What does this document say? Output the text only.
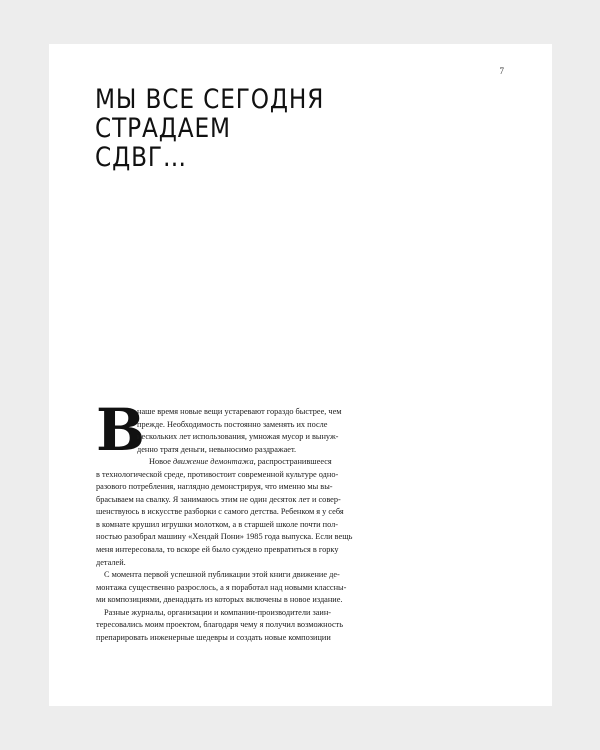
7
МЫ ВСЕ СЕГОДНЯ
СТРАДАЕМ
СДВГ…

В
наше время новые вещи устаревают гораздо быстрее, чем
прежде. Необходимость постоянно заменять их после
нескольких лет использования, умножая мусор и вынуж-
денно тратя деньги, невыносимо раздражает.
Новое движение демонтажа, распространившееся

в технологической среде, противостоит современной культуре одно-
разового потребления, наглядно демонстрируя, что именно мы вы-
брасываем на свалку. Я занимаюсь этим не один десяток лет и совер-
шенствуюсь в искусстве разборки с самого детства. Ребенком я у себя
в комнате крушил игрушки молотком, а в старшей школе почти пол-
ностью разобрал машину «Хендай Пони» 1985 года выпуска. Если вещь
меня интересовала, то вскоре ей было суждено превратиться в горку
деталей.

С момента первой успешной публикации этой книги движение де-
монтажа существенно разрослось, а я поработал над новыми классны-
ми композициями, двенадцать из которых включены в новое издание.

Разные журналы, организации и компании-производители заин-
тересовались моим проектом, благодаря чему я получил возможность
препарировать инженерные шедевры и создать новые композиции
